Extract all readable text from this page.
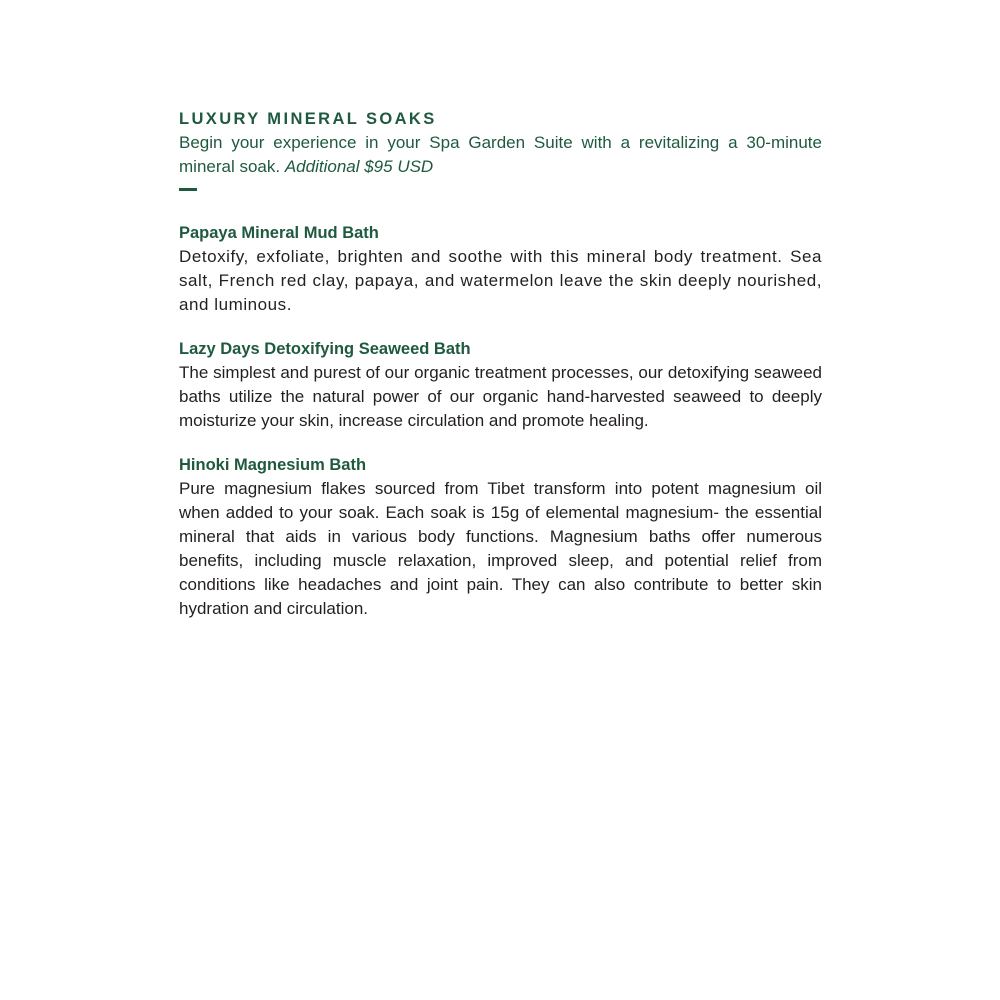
LUXURY MINERAL SOAKS

Begin your experience in your Spa Garden Suite with a revitalizing a 30-minute mineral soak. Additional $95 USD

Papaya Mineral Mud Bath

Detoxify, exfoliate, brighten and soothe with this mineral body treatment. Sea salt, French red clay, papaya, and watermelon leave the skin deeply nourished, and luminous.

Lazy Days Detoxifying Seaweed Bath

The simplest and purest of our organic treatment processes, our detoxifying seaweed baths utilize the natural power of our organic hand-harvested seaweed to deeply moisturize your skin, increase circulation and promote healing.

Hinoki Magnesium Bath

Pure magnesium flakes sourced from Tibet transform into potent magnesium oil when added to your soak. Each soak is 15g of elemental magnesium- the essential mineral that aids in various body functions. Magnesium baths offer numerous benefits, including muscle relaxation, improved sleep, and potential relief from conditions like headaches and joint pain. They can also contribute to better skin hydration and circulation.
